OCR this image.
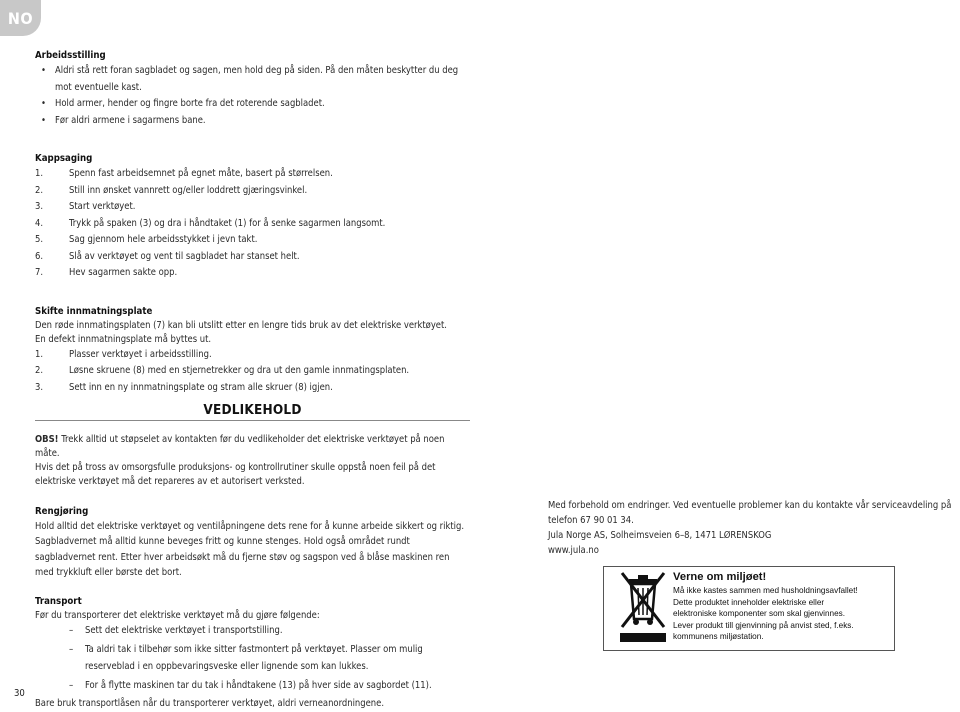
NO
Arbeidsstilling
• Aldri stå rett foran sagbladet og sagen, men hold deg på siden. På den måten beskytter du deg mot eventuelle kast.
• Hold armer, hender og fingre borte fra det roterende sagbladet.
• Før aldri armene i sagarmens bane.
Kappsaging
1.	Spenn fast arbeidsemnet på egnet måte, basert på størrelsen.
2.	Still inn ønsket vannrett og/eller loddrett gjæringsvinkel.
3.	Start verktøyet.
4.	Trykk på spaken (3) og dra i håndtaket (1) for å senke sagarmen langsomt.
5.	Sag gjennom hele arbeidsstykket i jevn takt.
6.	Slå av verktøyet og vent til sagbladet har stanset helt.
7.	Hev sagarmen sakte opp.
Skifte innmatningsplate

Den røde innmatingsplaten (7) kan bli utslitt etter en lengre tids bruk av det elektriske verktøyet.

En defekt innmatningsplate må byttes ut.

1.	Plasser verktøyet i arbeidsstilling.
2.	Løsne skruene (8) med en stjernetrekker og dra ut den gamle innmatingsplaten.
3.	Sett inn en ny innmatningsplate og stram alle skruer (8) igjen.
VEDLIKEHOLD

OBS! Trekk alltid ut støpselet av kontakten før du vedlikeholder det elektriske verktøyet på noen måte.

Hvis det på tross av omsorgsfulle produksjons- og kontrollrutiner skulle oppstå noen feil på det elektriske verktøyet må det repareres av et autorisert verksted.

Rengjøring

Hold alltid det elektriske verktøyet og ventilåpningene dets rene for å kunne arbeide sikkert og riktig. Sagbladvernet må alltid kunne beveges fritt og kunne stenges. Hold også området rundt sagbladvernet rent. Etter hver arbeidsøkt må du fjerne støv og sagspon ved å blåse maskinen ren med trykkluft eller børste det bort.

Transport

Før du transporterer det elektriske verktøyet må du gjøre følgende:

–	Sett det elektriske verktøyet i transportstilling.
–	Ta aldri tak i tilbehør som ikke sitter fastmontert på verktøyet. Plasser om mulig reserveblad i en oppbevaringsveske eller lignende som kan lukkes.
–	For å flytte maskinen tar du tak i håndtakene (13) på hver side av sagbordet (11).

Bare bruk transportlåsen når du transporterer verktøyet, aldri verneanordningene.

Med forbehold om endringer. Ved eventuelle problemer kan du kontakte vår serviceavdeling på telefon 67 90 01 34.

Jula Norge AS, Solheimsveien 6–8, 1471 LØRENSKOG

www.jula.no

Verne om miljøet!
Må ikke kastes sammen med husholdningsavfallet!
Dette produktet inneholder elektriske eller
elektroniske komponenter som skal gjenvinnes.
Lever produkt till gjenvinning på anvist sted, f.eks.
kommunens miljøstation.
30
